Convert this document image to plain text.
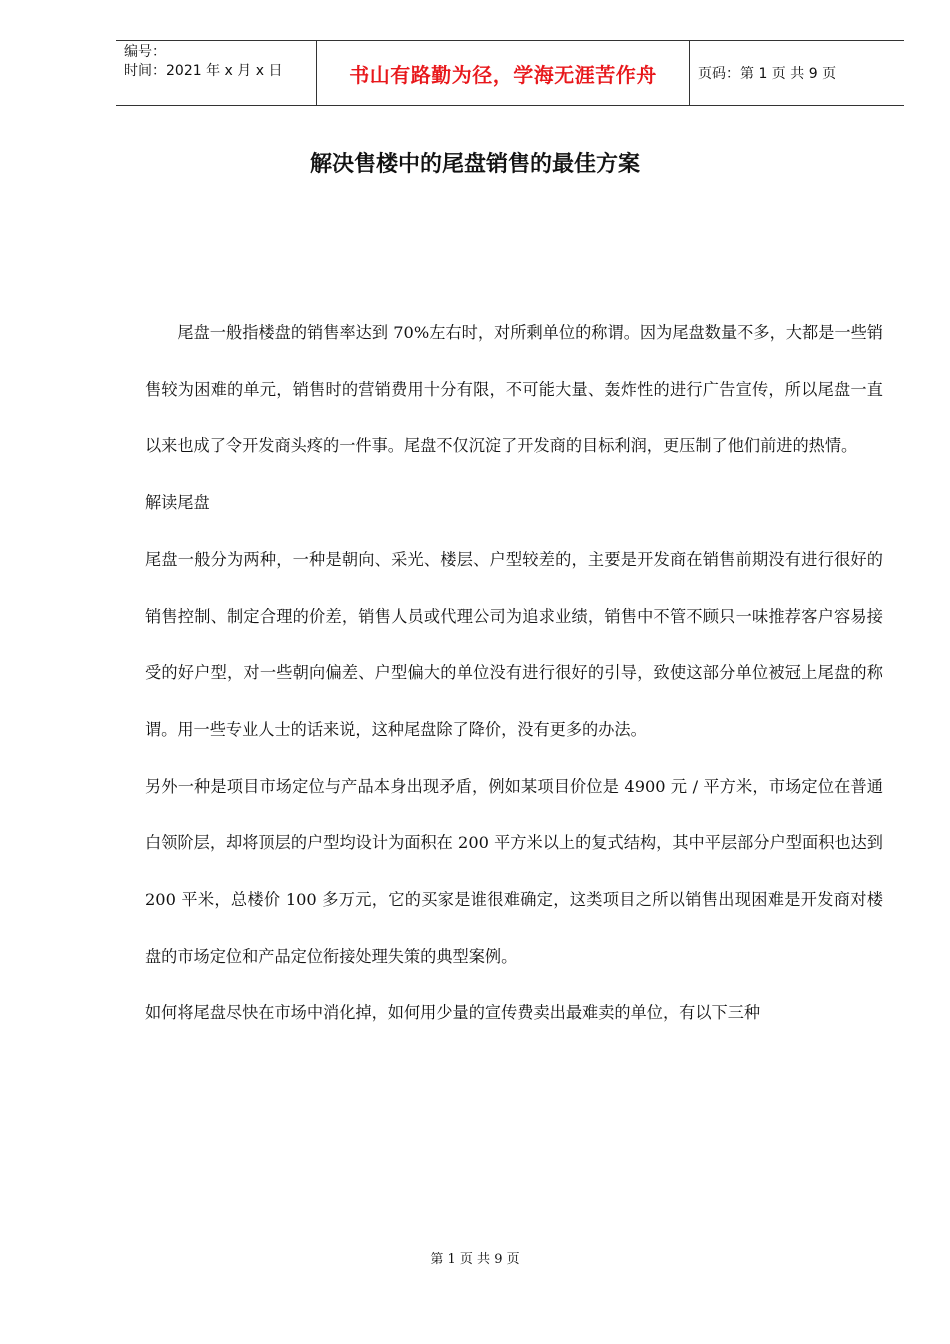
编号：
时间：2021 年 x 月 x 日	书山有路勤为径，学海无涯苦作舟	页码：第 1 页 共 9 页
解决售楼中的尾盘销售的最佳方案

尾盘一般指楼盘的销售率达到 70%左右时，对所剩单位的称谓。因为尾盘数量不多，大都是一些销售较为困难的单元，销售时的营销费用十分有限，不可能大量、轰炸性的进行广告宣传，所以尾盘一直以来也成了令开发商头疼的一件事。尾盘不仅沉淀了开发商的目标利润，更压制了他们前进的热情。

解读尾盘

尾盘一般分为两种，一种是朝向、采光、楼层、户型较差的，主要是开发商在销售前期没有进行很好的销售控制、制定合理的价差，销售人员或代理公司为追求业绩，销售中不管不顾只一味推荐客户容易接受的好户型，对一些朝向偏差、户型偏大的单位没有进行很好的引导，致使这部分单位被冠上尾盘的称谓。用一些专业人士的话来说，这种尾盘除了降价，没有更多的办法。

另外一种是项目市场定位与产品本身出现矛盾，例如某项目价位是 4900 元 / 平方米，市场定位在普通白领阶层，却将顶层的户型均设计为面积在 200 平方米以上的复式结构，其中平层部分户型面积也达到 200 平米，总楼价 100 多万元，它的买家是谁很难确定，这类项目之所以销售出现困难是开发商对楼盘的市场定位和产品定位衔接处理失策的典型案例。

如何将尾盘尽快在市场中消化掉，如何用少量的宣传费卖出最难卖的单位，有以下三种

第 1 页 共 9 页
